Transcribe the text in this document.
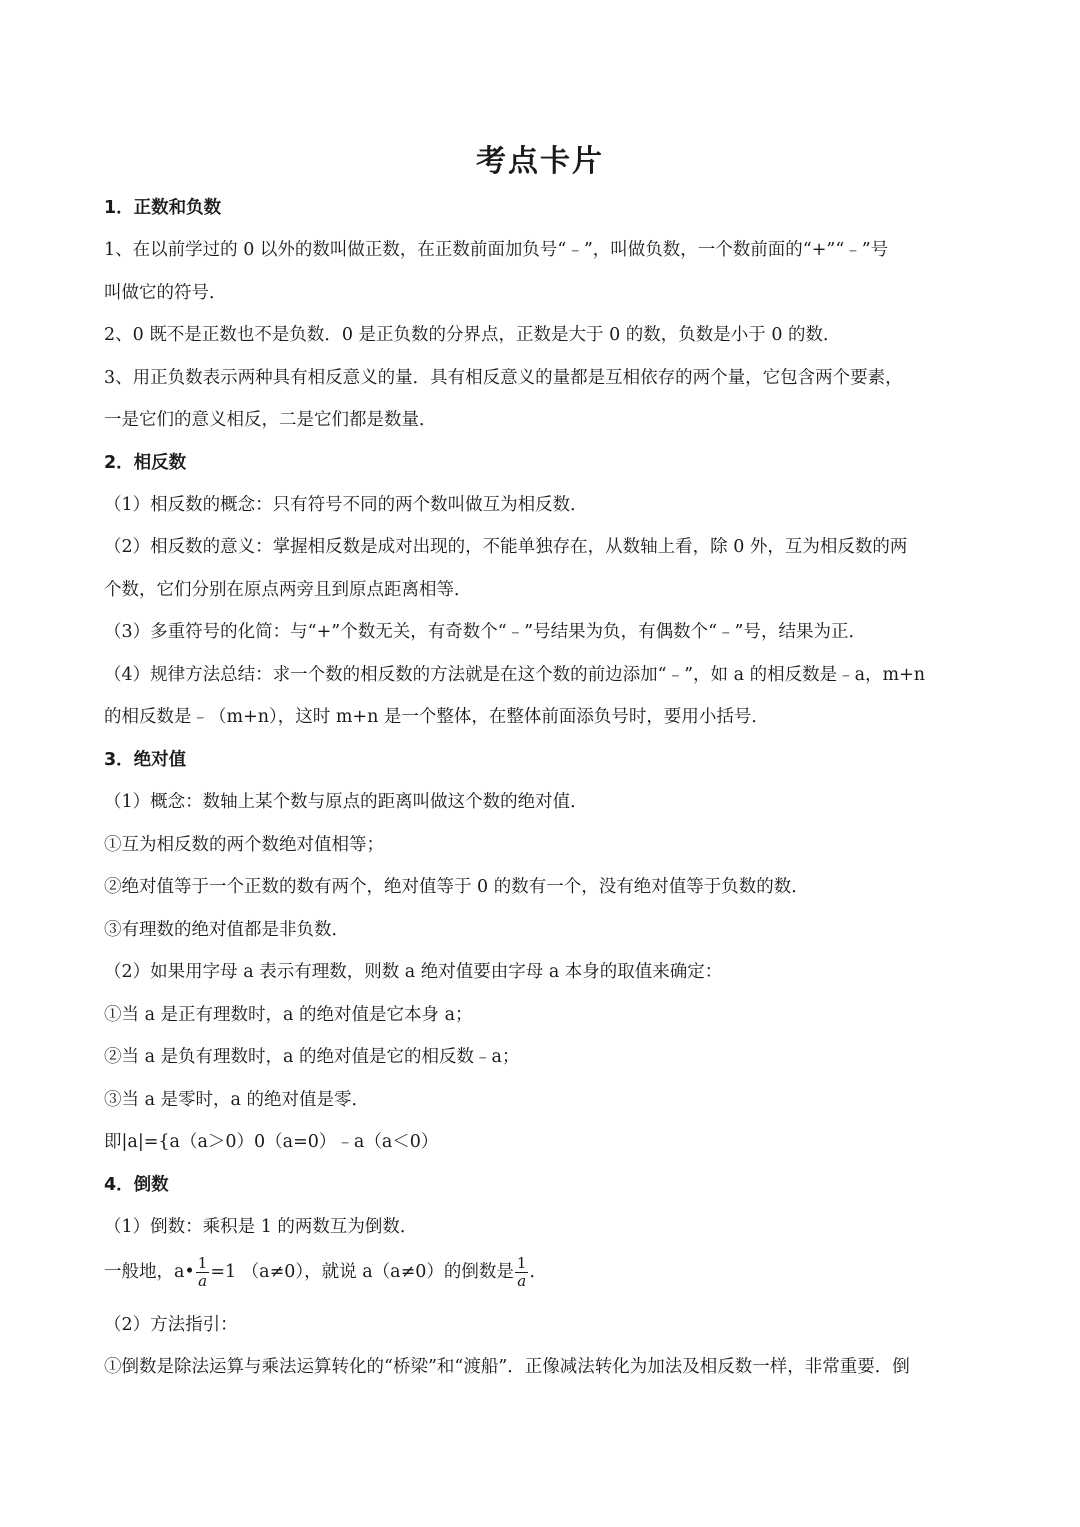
考点卡片
1．正数和负数
1、在以前学过的 0 以外的数叫做正数，在正数前面加负号“﹣”，叫做负数，一个数前面的“+”“﹣”号
叫做它的符号．
2、0 既不是正数也不是负数．0 是正负数的分界点，正数是大于 0 的数，负数是小于 0 的数．
3、用正负数表示两种具有相反意义的量．具有相反意义的量都是互相依存的两个量，它包含两个要素，
一是它们的意义相反，二是它们都是数量．
2．相反数
（1）相反数的概念：只有符号不同的两个数叫做互为相反数．
（2）相反数的意义：掌握相反数是成对出现的，不能单独存在，从数轴上看，除 0 外，互为相反数的两
个数，它们分别在原点两旁且到原点距离相等．
（3）多重符号的化简：与“+”个数无关，有奇数个“﹣”号结果为负，有偶数个“﹣”号，结果为正．
（4）规律方法总结：求一个数的相反数的方法就是在这个数的前边添加“﹣”，如 a 的相反数是﹣a，m+n
的相反数是﹣（m+n），这时 m+n 是一个整体，在整体前面添负号时，要用小括号．
3．绝对值
（1）概念：数轴上某个数与原点的距离叫做这个数的绝对值．
①互为相反数的两个数绝对值相等；
②绝对值等于一个正数的数有两个，绝对值等于 0 的数有一个，没有绝对值等于负数的数．
③有理数的绝对值都是非负数．
（2）如果用字母 a 表示有理数，则数 a 绝对值要由字母 a 本身的取值来确定：
①当 a 是正有理数时，a 的绝对值是它本身 a；
②当 a 是负有理数时，a 的绝对值是它的相反数﹣a；
③当 a 是零时，a 的绝对值是零．
即|a|={a（a＞0）0（a=0）﹣a（a＜0）
4．倒数
（1）倒数：乘积是 1 的两数互为倒数．
一般地，a• $\frac{1}{a} =1$ （a≠0），就说 a（a≠0）的倒数是 $\frac{1}{a}$ ．
（2）方法指引：
①倒数是除法运算与乘法运算转化的“桥梁”和“渡船”．正像减法转化为加法及相反数一样，非常重要．倒
